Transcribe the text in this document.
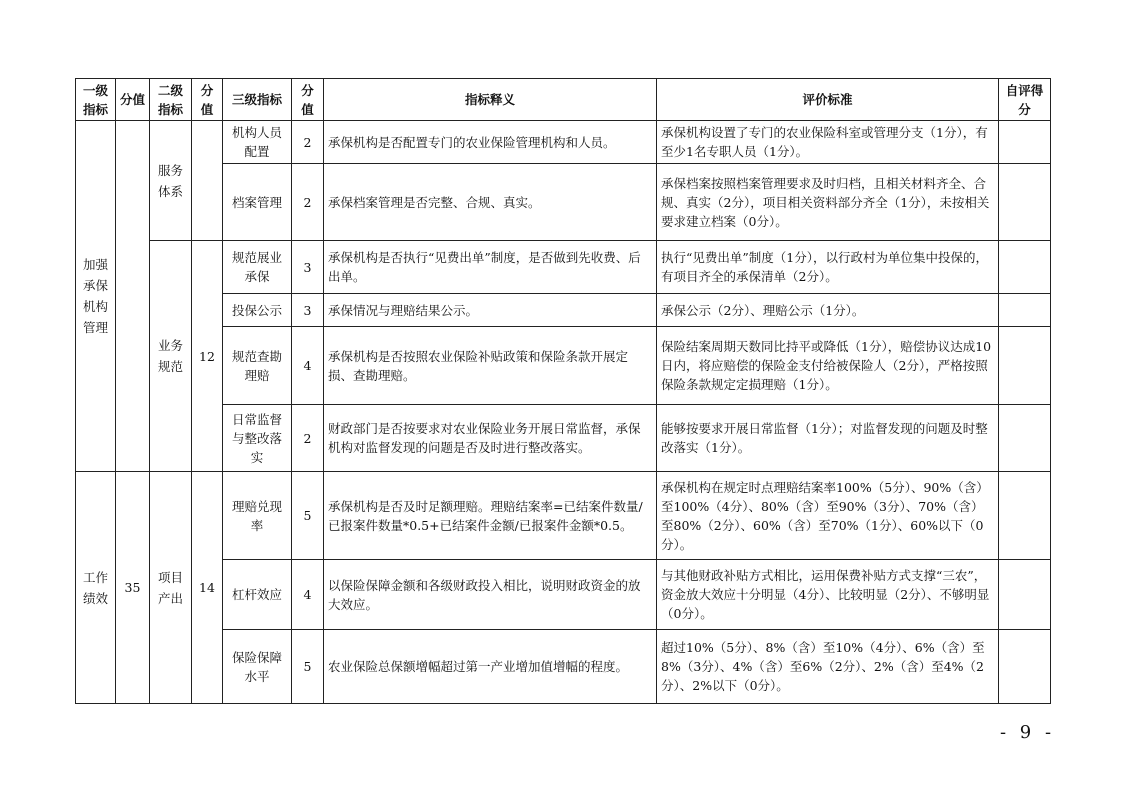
一级指标	分值	二级指标	分值	三级指标	分值	指标释义	评价标准	自评得分
加强承保机构管理		服务体系		机构人员配置	2	承保机构是否配置专门的农业保险管理机构和人员。	承保机构设置了专门的农业保险科室或管理分支（1分），有至少1名专职人员（1分）。	
				档案管理	2	承保档案管理是否完整、合规、真实。	承保档案按照档案管理要求及时归档，且相关材料齐全、合规、真实（2分），项目相关资料部分齐全（1分），未按相关要求建立档案（0分）。	
		业务规范	12	规范展业承保	3	承保机构是否执行“见费出单”制度，是否做到先收费、后出单。	执行“见费出单”制度（1分），以行政村为单位集中投保的，有项目齐全的承保清单（2分）。	
				投保公示	3	承保情况与理赔结果公示。	承保公示（2分）、理赔公示（1分）。	
				规范查勘理赔	4	承保机构是否按照农业保险补贴政策和保险条款开展定损、查勘理赔。	保险结案周期天数同比持平或降低（1分），赔偿协议达成10日内，将应赔偿的保险金支付给被保险人（2分），严格按照保险条款规定定损理赔（1分）。	
				日常监督与整改落实	2	财政部门是否按要求对农业保险业务开展日常监督，承保机构对监督发现的问题是否及时进行整改落实。	能够按要求开展日常监督（1分）；对监督发现的问题及时整改落实（1分）。	
工作绩效	35	项目产出	14	理赔兑现率	5	承保机构是否及时足额理赔。理赔结案率=已结案件数量/已报案件数量*0.5+已结案件金额/已报案件金额*0.5。	承保机构在规定时点理赔结案率100%（5分）、90%（含）至100%（4分）、80%（含）至90%（3分）、70%（含）至80%（2分）、60%（含）至70%（1分）、60%以下（0分）。	
				杠杆效应	4	以保险保障金额和各级财政投入相比，说明财政资金的放大效应。	与其他财政补贴方式相比，运用保费补贴方式支撑“三农”，资金放大效应十分明显（4分）、比较明显（2分）、不够明显（0分）。	
				保险保障水平	5	农业保险总保额增幅超过第一产业增加值增幅的程度。	超过10%（5分）、8%（含）至10%（4分）、6%（含）至8%（3分）、4%（含）至6%（2分）、2%（含）至4%（2分）、2%以下（0分）。	
- 9 -
